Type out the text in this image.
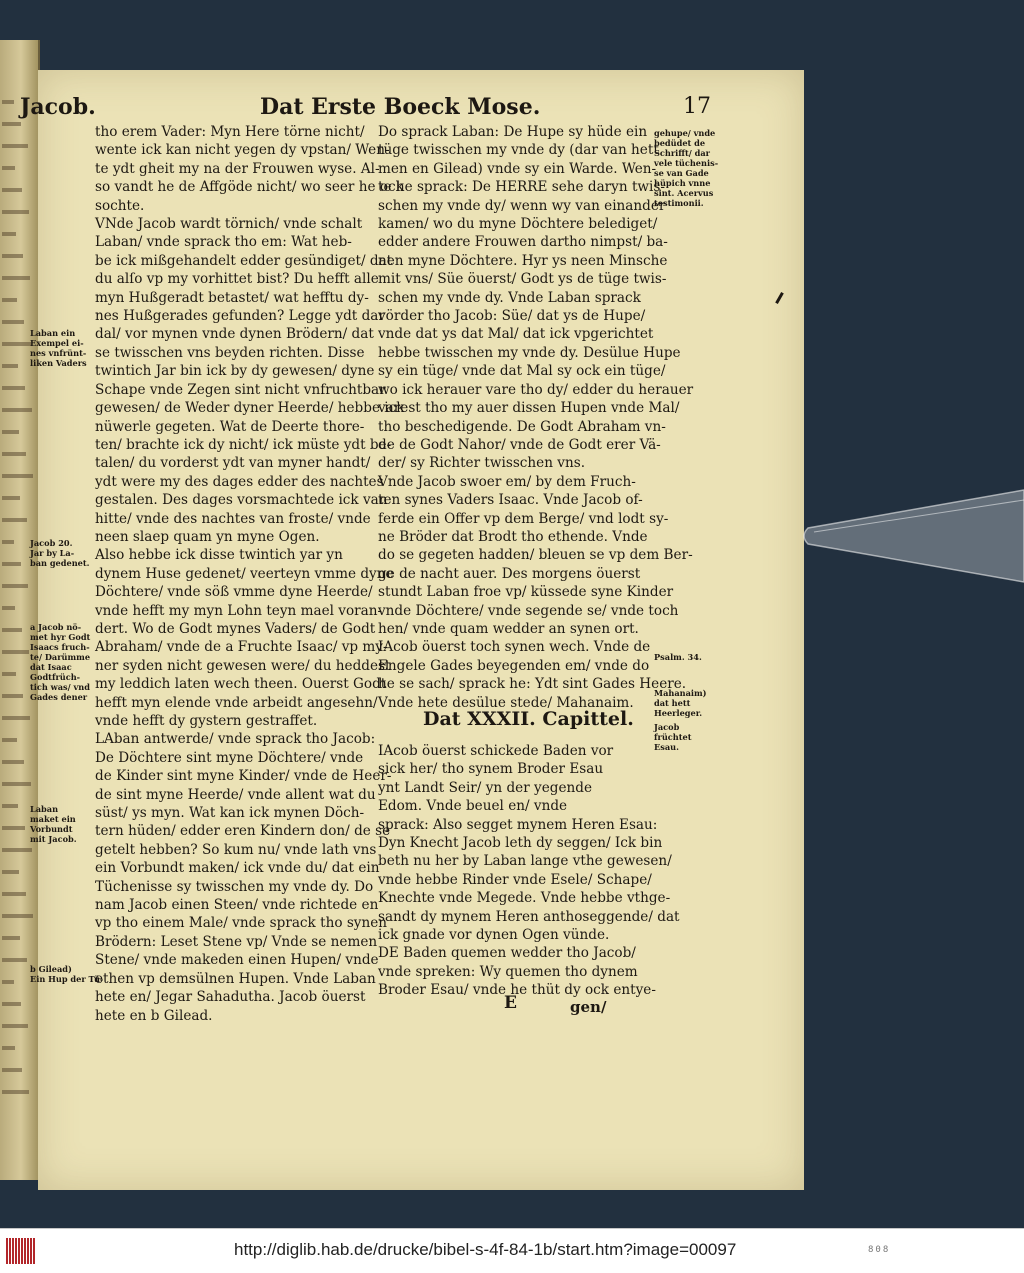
Jacob.	Dat Erste Boeck Mose.	17
tho erem Vader: Myn Here törne nicht/
wente ick kan nicht yegen dy vpstan/ Wen-
te ydt gheit my na der Frouwen wyse. Al-
so vandt he de Affgöde nicht/ wo seer he ock
sochte.
VNde Jacob wardt törnich/ vnde schalt
Laban/ vnde sprack tho em: Wat heb-
be ick mißgehandelt edder gesündiget/ dat
du alſo vp my vorhittet bist? Du hefft alle
myn Hußgeradt betastet/ wat hefftu dy-
nes Hußgerades gefunden? Legge ydt dar
dal/ vor mynen vnde dynen Brödern/ dat
se twisschen vns beyden richten. Disse
twintich Jar bin ick by dy gewesen/ dyne
Schape vnde Zegen sint nicht vnfruchtbar
gewesen/ de Weder dyner Heerde/ hebbe ick
nüwerle gegeten. Wat de Deerte thore-
ten/ brachte ick dy nicht/ ick müste ydt be-
talen/ du vorderst ydt van myner handt/
ydt were my des dages edder des nachtes
gestalen. Des dages vorsmachtede ick van
hitte/ vnde des nachtes van froste/ vnde
neen slaep quam yn myne Ogen.
Also hebbe ick disse twintich yar yn
dynem Huse gedenet/ veerteyn vmme dyne
Döchtere/ vnde söß vmme dyne Heerde/
vnde hefft my myn Lohn teyn mael voran-
dert. Wo de Godt mynes Vaders/ de Godt
Abraham/ vnde de a Fruchte Isaac/ vp my-
ner syden nicht gewesen were/ du heddest
my leddich laten wech theen. Ouerst Godt
hefft myn elende vnde arbeidt angesehn/
vnde hefft dy gystern gestraffet.
LAban antwerde/ vnde sprack tho Jacob:
De Döchtere sint myne Döchtere/ vnde
de Kinder sint myne Kinder/ vnde de Heer-
de sint myne Heerde/ vnde allent wat du
süst/ ys myn. Wat kan ick mynen Döch-
tern hüden/ edder eren Kindern don/ de se
getelt hebben? So kum nu/ vnde lath vns
ein Vorbundt maken/ ick vnde du/ dat ein
Tüchenisse sy twisschen my vnde dy. Do
nam Jacob einen Steen/ vnde richtede en
vp tho einem Male/ vnde sprack tho synen
Brödern: Leset Stene vp/ Vnde se nemen
Stene/ vnde makeden einen Hupen/ vnde
ethen vp demsülnen Hupen. Vnde Laban
hete en/ Jegar Sahadutha. Jacob öuerst
hete en b Gilead.
Do sprack Laban: De Hupe sy hüde ein
tüge twisschen my vnde dy (dar van hett
men en Gilead) vnde sy ein Warde. Wen-
te he sprack: De HERRE sehe daryn twis-
schen my vnde dy/ wenn wy van einander
kamen/ wo du myne Döchtere belediget/
edder andere Frouwen dartho nimpst/ ba-
nen myne Döchtere. Hyr ys neen Minsche
mit vns/ Süe öuerst/ Godt ys de tüge twis-
schen my vnde dy. Vnde Laban sprack
vörder tho Jacob: Süe/ dat ys de Hupe/
vnde dat ys dat Mal/ dat ick vpgerichtet
hebbe twisschen my vnde dy. Desülue Hupe
sy ein tüge/ vnde dat Mal sy ock ein tüge/
wo ick herauer vare tho dy/ edder du herauer
varest tho my auer dissen Hupen vnde Mal/
tho beschedigende. De Godt Abraham vn-
de de Godt Nahor/ vnde de Godt erer Vä-
der/ sy Richter twisschen vns.
Vnde Jacob swoer em/ by dem Fruch-
ten synes Vaders Isaac. Vnde Jacob of-
ferde ein Offer vp dem Berge/ vnd lodt sy-
ne Bröder dat Brodt tho ethende. Vnde
do se gegeten hadden/ bleuen se vp dem Ber-
ge de nacht auer. Des morgens öuerst
stundt Laban froe vp/ küssede syne Kinder
vnde Döchtere/ vnde segende se/ vnde toch
hen/ vnde quam wedder an synen ort.
IAcob öuerst toch synen wech. Vnde de
Engele Gades beyegenden em/ vnde do
he se sach/ sprack he: Ydt sint Gades Heere.
Vnde hete desülue stede/ Mahanaim.
Dat XXXII. Capittel.
E	gen/
Laban ein
Exempel ei-
nes vnfrünt-
liken Vaders
Jacob 20.
Jar by La-
ban gedenet.
a Jacob nö-
met hyr Godt
Isaacs fruch-
te/ Darümme
dat Isaac
Godtfrüch-
tich was/ vnd
Gades dener
Laban
maket ein
Vorbundt
mit Jacob.
b Gilead)
Ein Hup der Tü-
gehupe/ vnde
bedüdet de
Schrifft/ dar
vele tüchenis-
se van Gade
hüpich vnne
sint. Acervus
testimonii.
Psalm. 34.
Mahanaim)
dat hett
Heerleger.
Jacob
früchtet
Esau.
IAcob öuerst schickede Baden vor
sick her/ tho synem Broder Esau
ynt Landt Seir/ yn der yegende
Edom. Vnde beuel en/ vnde
sprack: Also segget mynem Heren Esau:
Dyn Knecht Jacob leth dy seggen/ Ick bin
beth nu her by Laban lange vthe gewesen/
vnde hebbe Rinder vnde Esele/ Schape/
Knechte vnde Megede. Vnde hebbe vthge-
sandt dy mynem Heren anthoseggende/ dat
ick gnade vor dynen Ogen vünde.
DE Baden quemen wedder tho Jacob/
vnde spreken: Wy quemen tho dynem
Broder Esau/ vnde he thüt dy ock entye-
http://diglib.hab.de/drucke/bibel-s-4f-84-1b/start.htm?image=00097	808
